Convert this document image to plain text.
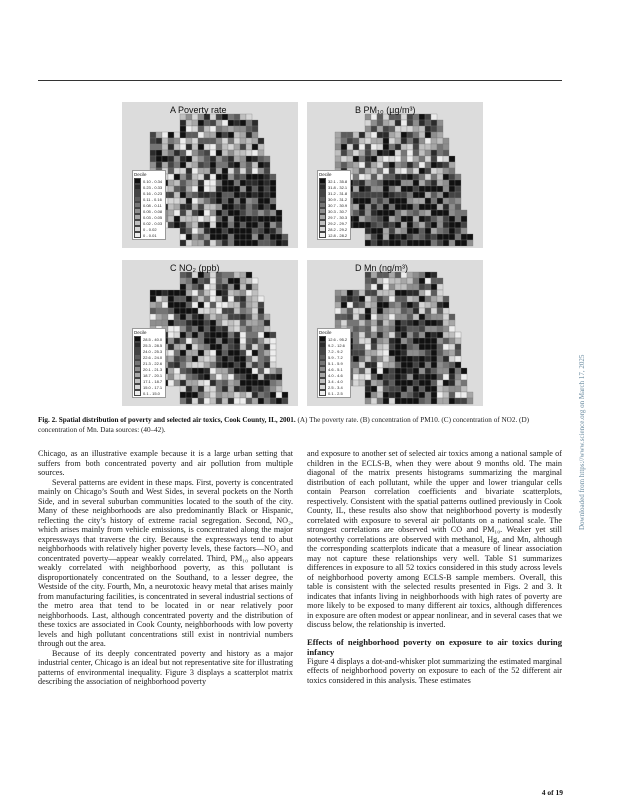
A Poverty rate
Decile
0.10 - 0.34
0.23 - 0.33
0.16 - 0.23
0.11 - 0.16
0.08 - 0.11
0.05 - 0.08
0.03 - 0.05
0.02 - 0.03
0 - 0.02
0 - 0.01
B PM₁₀ (µg/m³)
Decile
32.1 - 35.8
31.8 - 32.1
31.2 - 31.8
30.9 - 31.2
30.7 - 30.9
30.3 - 30.7
29.7 - 30.3
29.2 - 29.7
28.2 - 29.2
12.8 - 28.2
C NO₂ (ppb)
Decile
28.5 - 40.0
25.3 - 28.5
24.0 - 25.3
22.6 - 24.0
21.3 - 22.6
20.1 - 21.3
18.7 - 20.1
17.1 - 18.7
15.0 - 17.1
0.1 - 15.0
D Mn (ng/m³)
Decile
12.6 - 95.2
9.2 - 12.6
7.2 - 9.2
5.9 - 7.2
5.1 - 5.9
4.6 - 5.1
4.0 - 4.6
3.4 - 4.0
2.5 - 3.4
0.1 - 2.5
Fig. 2. Spatial distribution of poverty and selected air toxics, Cook County, IL, 2001. (A) The poverty rate. (B) concentration of PM10. (C) concentration of NO2. (D) concentration of Mn. Data sources: (40–42).

Chicago, as an illustrative example because it is a large urban setting that suffers from both concentrated poverty and air pollution from multiple sources.

Several patterns are evident in these maps. First, poverty is concentrated mainly on Chicago’s South and West Sides, in several pockets on the North Side, and in several suburban communities located to the south of the city. Many of these neighborhoods are also predominantly Black or Hispanic, reflecting the city’s history of extreme racial segregation. Second, NO₂, which arises mainly from vehicle emissions, is concentrated along the major expressways that traverse the city. Because the expressways tend to abut neighborhoods with relatively higher poverty levels, these factors—NO₂ and concentrated poverty—appear weakly correlated. Third, PM₁₀ also appears weakly correlated with neighborhood poverty, as this pollutant is disproportionately concentrated on the Southand, to a lesser degree, the Westside of the city. Fourth, Mn, a neurotoxic heavy metal that arises mainly from manufacturing facilities, is concentrated in several industrial sections of the metro area that tend to be located in or near relatively poor neighborhoods. Last, although concentrated poverty and the distribution of these toxics are associated in Cook County, neighborhoods with low poverty levels and high pollutant concentrations still exist in nontrivial numbers through out the area.

Because of its deeply concentrated poverty and history as a major industrial center, Chicago is an ideal but not representative site for illustrating patterns of environmental inequality. Figure 3 displays a scatterplot matrix describing the association of neighborhood poverty

and exposure to another set of selected air toxics among a national sample of children in the ECLS-B, when they were about 9 months old. The main diagonal of the matrix presents histograms summarizing the marginal distribution of each pollutant, while the upper and lower triangular cells contain Pearson correlation coefficients and bivariate scatterplots, respectively. Consistent with the spatial patterns outlined previously in Cook County, IL, these results also show that neighborhood poverty is modestly correlated with exposure to several air pollutants on a national scale. The strongest correlations are observed with CO and PM₁₀. Weaker yet still noteworthy correlations are observed with methanol, Hg, and Mn, although the corresponding scatterplots indicate that a measure of linear association may not capture these relationships very well. Table S1 summarizes differences in exposure to all 52 toxics considered in this study across levels of neighborhood poverty among ECLS-B sample members. Overall, this table is consistent with the selected results presented in Figs. 2 and 3. It indicates that infants living in neighborhoods with high rates of poverty are more likely to be exposed to many different air toxics, although differences in exposure are often modest or appear nonlinear, and in several cases that we discuss below, the relationship is inverted.

Effects of neighborhood poverty on exposure to air toxics during infancy

Figure 4 displays a dot-and-whisker plot summarizing the estimated marginal effects of neighborhood poverty on exposure to each of the 52 different air toxics considered in this analysis. These estimates

Downloaded from https://www.science.org on March 17, 2025
4 of 19
